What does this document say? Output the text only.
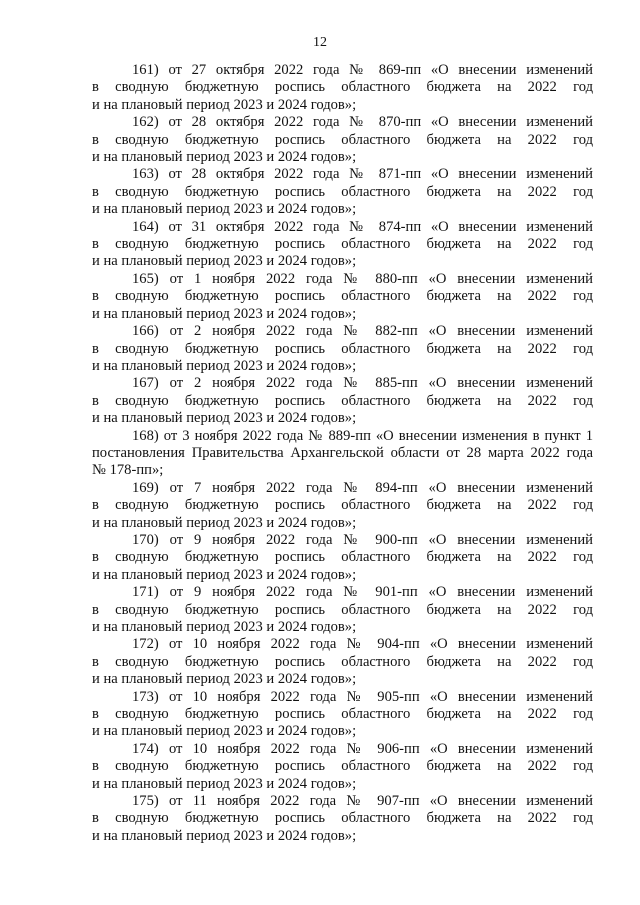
12
161) от 27 октября 2022 года № 869-пп «О внесении изменений
в сводную бюджетную роспись областного бюджета на 2022 год
и на плановый период 2023 и 2024 годов»;
162) от 28 октября 2022 года № 870-пп «О внесении изменений
в сводную бюджетную роспись областного бюджета на 2022 год
и на плановый период 2023 и 2024 годов»;
163) от 28 октября 2022 года № 871-пп «О внесении изменений
в сводную бюджетную роспись областного бюджета на 2022 год
и на плановый период 2023 и 2024 годов»;
164) от 31 октября 2022 года № 874-пп «О внесении изменений
в сводную бюджетную роспись областного бюджета на 2022 год
и на плановый период 2023 и 2024 годов»;
165) от 1 ноября 2022 года № 880-пп «О внесении изменений
в сводную бюджетную роспись областного бюджета на 2022 год
и на плановый период 2023 и 2024 годов»;
166) от 2 ноября 2022 года № 882-пп «О внесении изменений
в сводную бюджетную роспись областного бюджета на 2022 год
и на плановый период 2023 и 2024 годов»;
167) от 2 ноября 2022 года № 885-пп «О внесении изменений
в сводную бюджетную роспись областного бюджета на 2022 год
и на плановый период 2023 и 2024 годов»;
168) от 3 ноября 2022 года № 889-пп «О внесении изменения в пункт 1
постановления Правительства Архангельской области от 28 марта 2022 года
№ 178-пп»;
169) от 7 ноября 2022 года № 894-пп «О внесении изменений
в сводную бюджетную роспись областного бюджета на 2022 год
и на плановый период 2023 и 2024 годов»;
170) от 9 ноября 2022 года № 900-пп «О внесении изменений
в сводную бюджетную роспись областного бюджета на 2022 год
и на плановый период 2023 и 2024 годов»;
171) от 9 ноября 2022 года № 901-пп «О внесении изменений
в сводную бюджетную роспись областного бюджета на 2022 год
и на плановый период 2023 и 2024 годов»;
172) от 10 ноября 2022 года № 904-пп «О внесении изменений
в сводную бюджетную роспись областного бюджета на 2022 год
и на плановый период 2023 и 2024 годов»;
173) от 10 ноября 2022 года № 905-пп «О внесении изменений
в сводную бюджетную роспись областного бюджета на 2022 год
и на плановый период 2023 и 2024 годов»;
174) от 10 ноября 2022 года № 906-пп «О внесении изменений
в сводную бюджетную роспись областного бюджета на 2022 год
и на плановый период 2023 и 2024 годов»;
175) от 11 ноября 2022 года № 907-пп «О внесении изменений
в сводную бюджетную роспись областного бюджета на 2022 год
и на плановый период 2023 и 2024 годов»;
